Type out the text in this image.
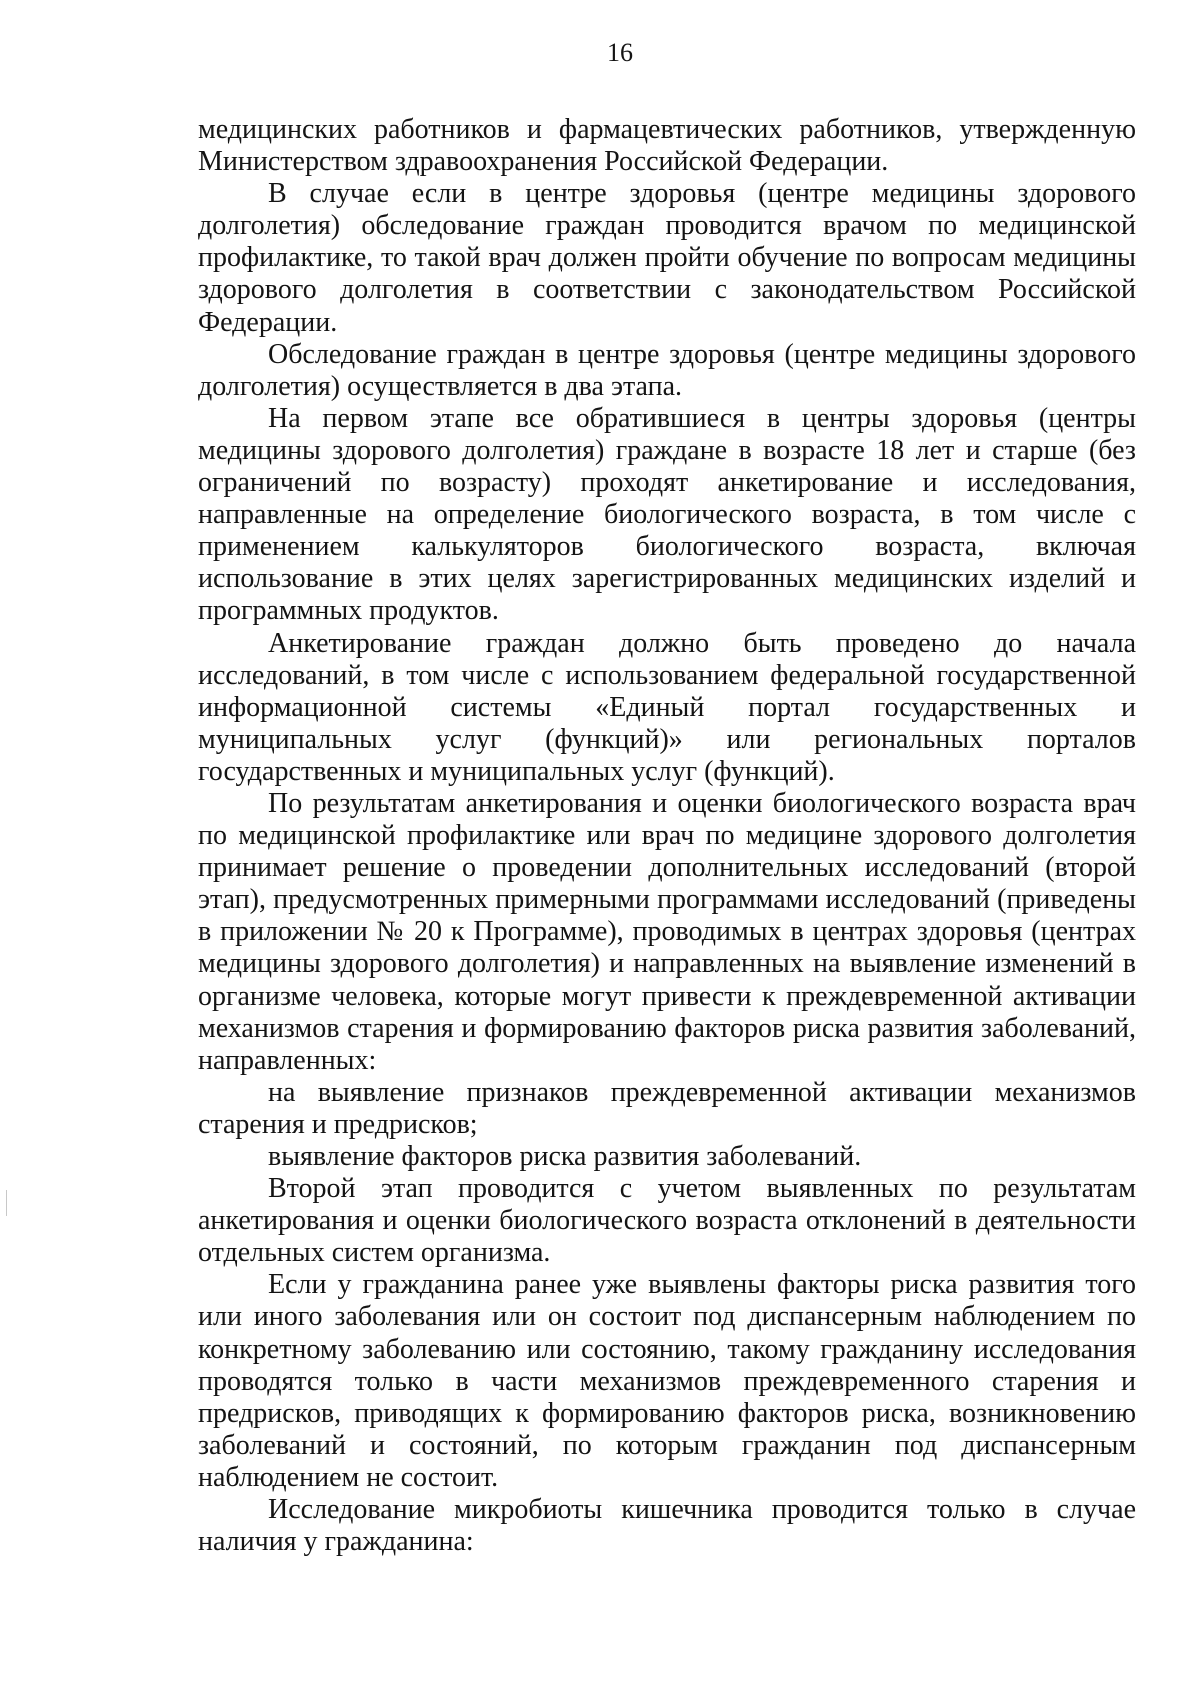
16

медицинских работников и фармацевтических работников, утвержденную Министерством здравоохранения Российской Федерации.

В случае если в центре здоровья (центре медицины здорового долголетия) обследование граждан проводится врачом по медицинской профилактике, то такой врач должен пройти обучение по вопросам медицины здорового долголетия в соответствии с законодательством Российской Федерации.

Обследование граждан в центре здоровья (центре медицины здорового долголетия) осуществляется в два этапа.

На первом этапе все обратившиеся в центры здоровья (центры медицины здорового долголетия) граждане в возрасте 18 лет и старше (без ограничений по возрасту) проходят анкетирование и исследования, направленные на определение биологического возраста, в том числе с применением калькуляторов биологического возраста, включая использование в этих целях зарегистрированных медицинских изделий и программных продуктов.

Анкетирование граждан должно быть проведено до начала исследований, в том числе с использованием федеральной государственной информационной системы «Единый портал государственных и муниципальных услуг (функций)» или региональных порталов государственных и муниципальных услуг (функций).

По результатам анкетирования и оценки биологического возраста врач по медицинской профилактике или врач по медицине здорового долголетия принимает решение о проведении дополнительных исследований (второй этап), предусмотренных примерными программами исследований (приведены в приложении № 20 к Программе), проводимых в центрах здоровья (центрах медицины здорового долголетия) и направленных на выявление изменений в организме человека, которые могут привести к преждевременной активации механизмов старения и формированию факторов риска развития заболеваний, направленных:

на выявление признаков преждевременной активации механизмов старения и предрисков;

выявление факторов риска развития заболеваний.

Второй этап проводится с учетом выявленных по результатам анкетирования и оценки биологического возраста отклонений в деятельности отдельных систем организма.

Если у гражданина ранее уже выявлены факторы риска развития того или иного заболевания или он состоит под диспансерным наблюдением по конкретному заболеванию или состоянию, такому гражданину исследования проводятся только в части механизмов преждевременного старения и предрисков, приводящих к формированию факторов риска, возникновению заболеваний и состояний, по которым гражданин под диспансерным наблюдением не состоит.

Исследование микробиоты кишечника проводится только в случае наличия у гражданина:
